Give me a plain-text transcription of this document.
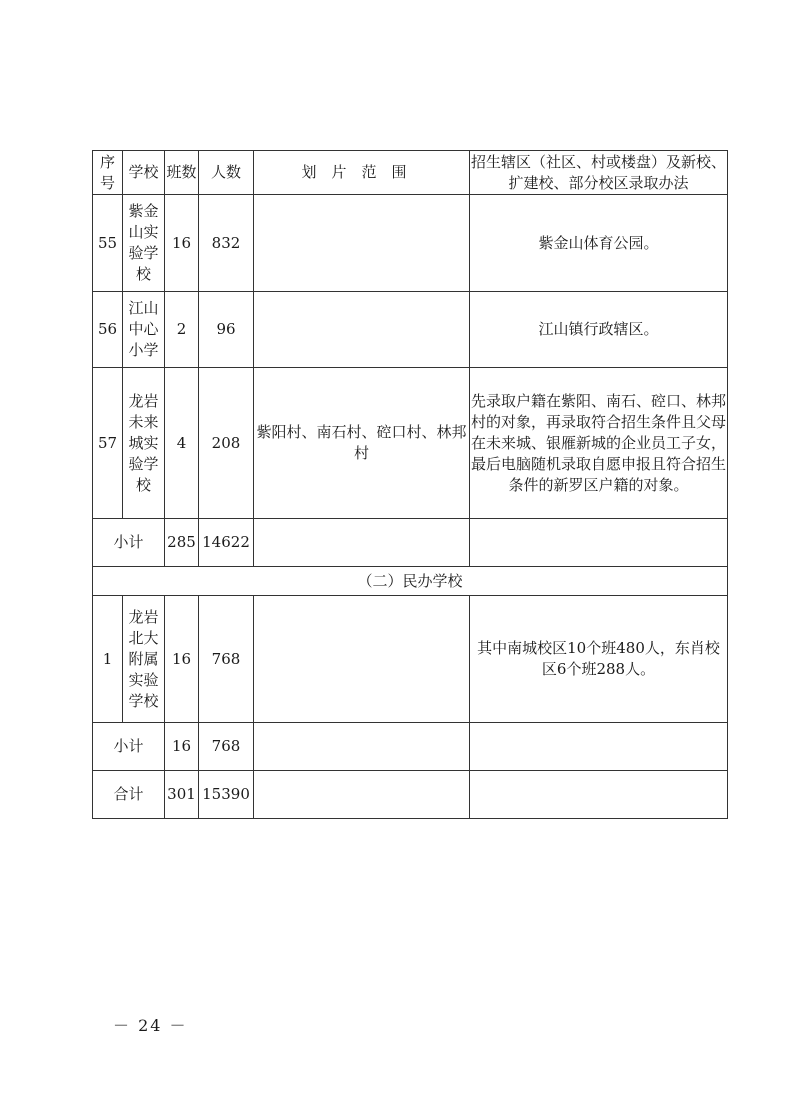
序号	学校	班数	人数	划片范围	招生辖区（社区、村或楼盘）及新校、扩建校、部分校区录取办法
55	紫金山实验学校	16	832		紫金山体育公园。
56	江山中心小学	2	96		江山镇行政辖区。
57	龙岩未来城实验学校	4	208	紫阳村、南石村、硿口村、林邦村	先录取户籍在紫阳、南石、硿口、林邦村的对象，再录取符合招生条件且父母在未来城、银雁新城的企业员工子女，最后电脑随机录取自愿申报且符合招生条件的新罗区户籍的对象。
小计		285	14622		
（二）民办学校					
1	龙岩北大附属实验学校	16	768		其中南城校区10个班480人，东肖校区6个班288人。
小计		16	768		
合计		301	15390		
－ 24 －
